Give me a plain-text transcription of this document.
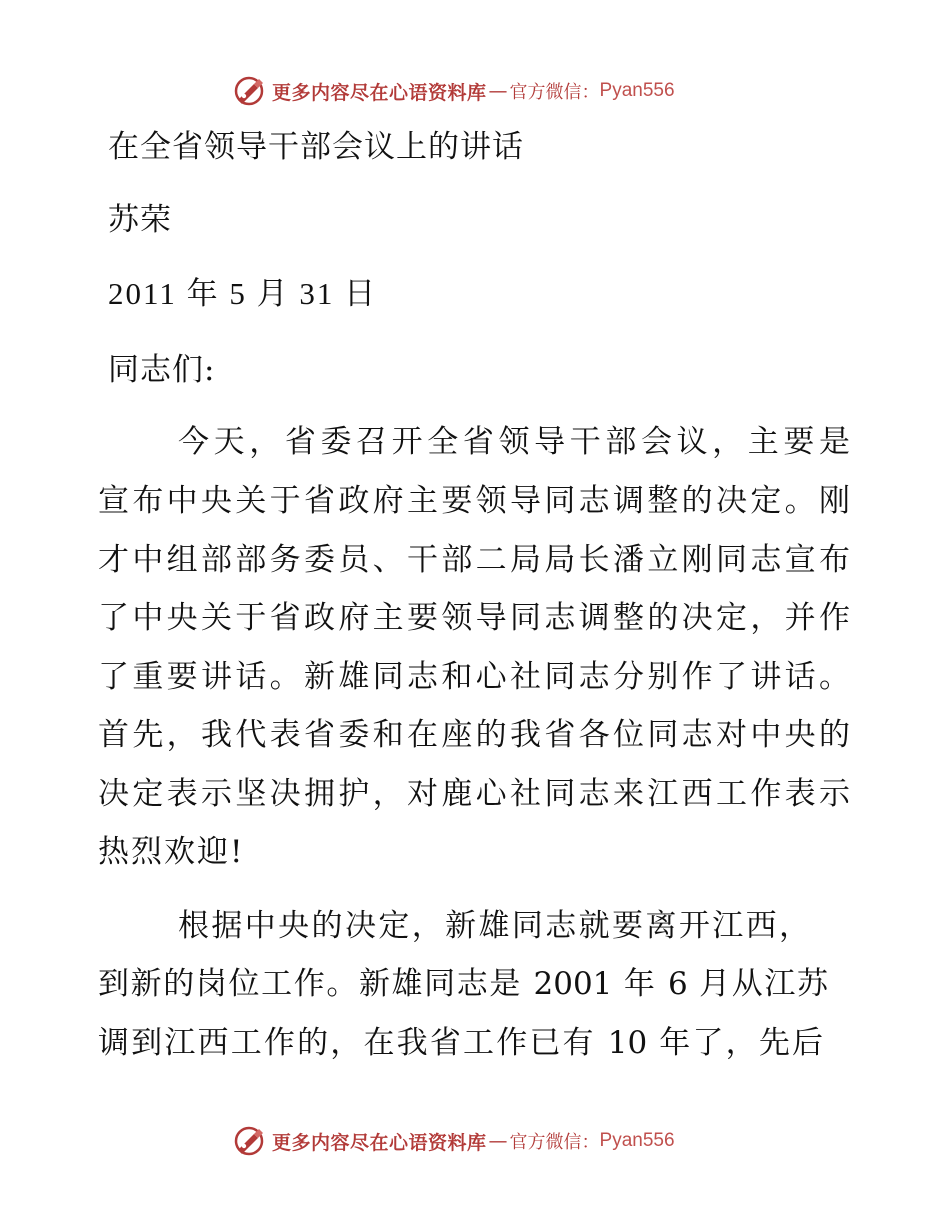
更多内容尽在心语资料库 — 官方微信： Pyan556
在全省领导干部会议上的讲话
苏荣
2011 年 5 月 31 日
同志们:
今天，省委召开全省领导干部会议，主要是
宣布中央关于省政府主要领导同志调整的决定。刚
才中组部部务委员、干部二局局长潘立刚同志宣布
了中央关于省政府主要领导同志调整的决定，并作
了重要讲话。新雄同志和心社同志分别作了讲话。
首先，我代表省委和在座的我省各位同志对中央的
决定表示坚决拥护，对鹿心社同志来江西工作表示
热烈欢迎!
根据中央的决定，新雄同志就要离开江西，
到新的岗位工作。新雄同志是 2001 年 6 月从江苏
调到江西工作的，在我省工作已有 10 年了，先后
更多内容尽在心语资料库 — 官方微信： Pyan556
